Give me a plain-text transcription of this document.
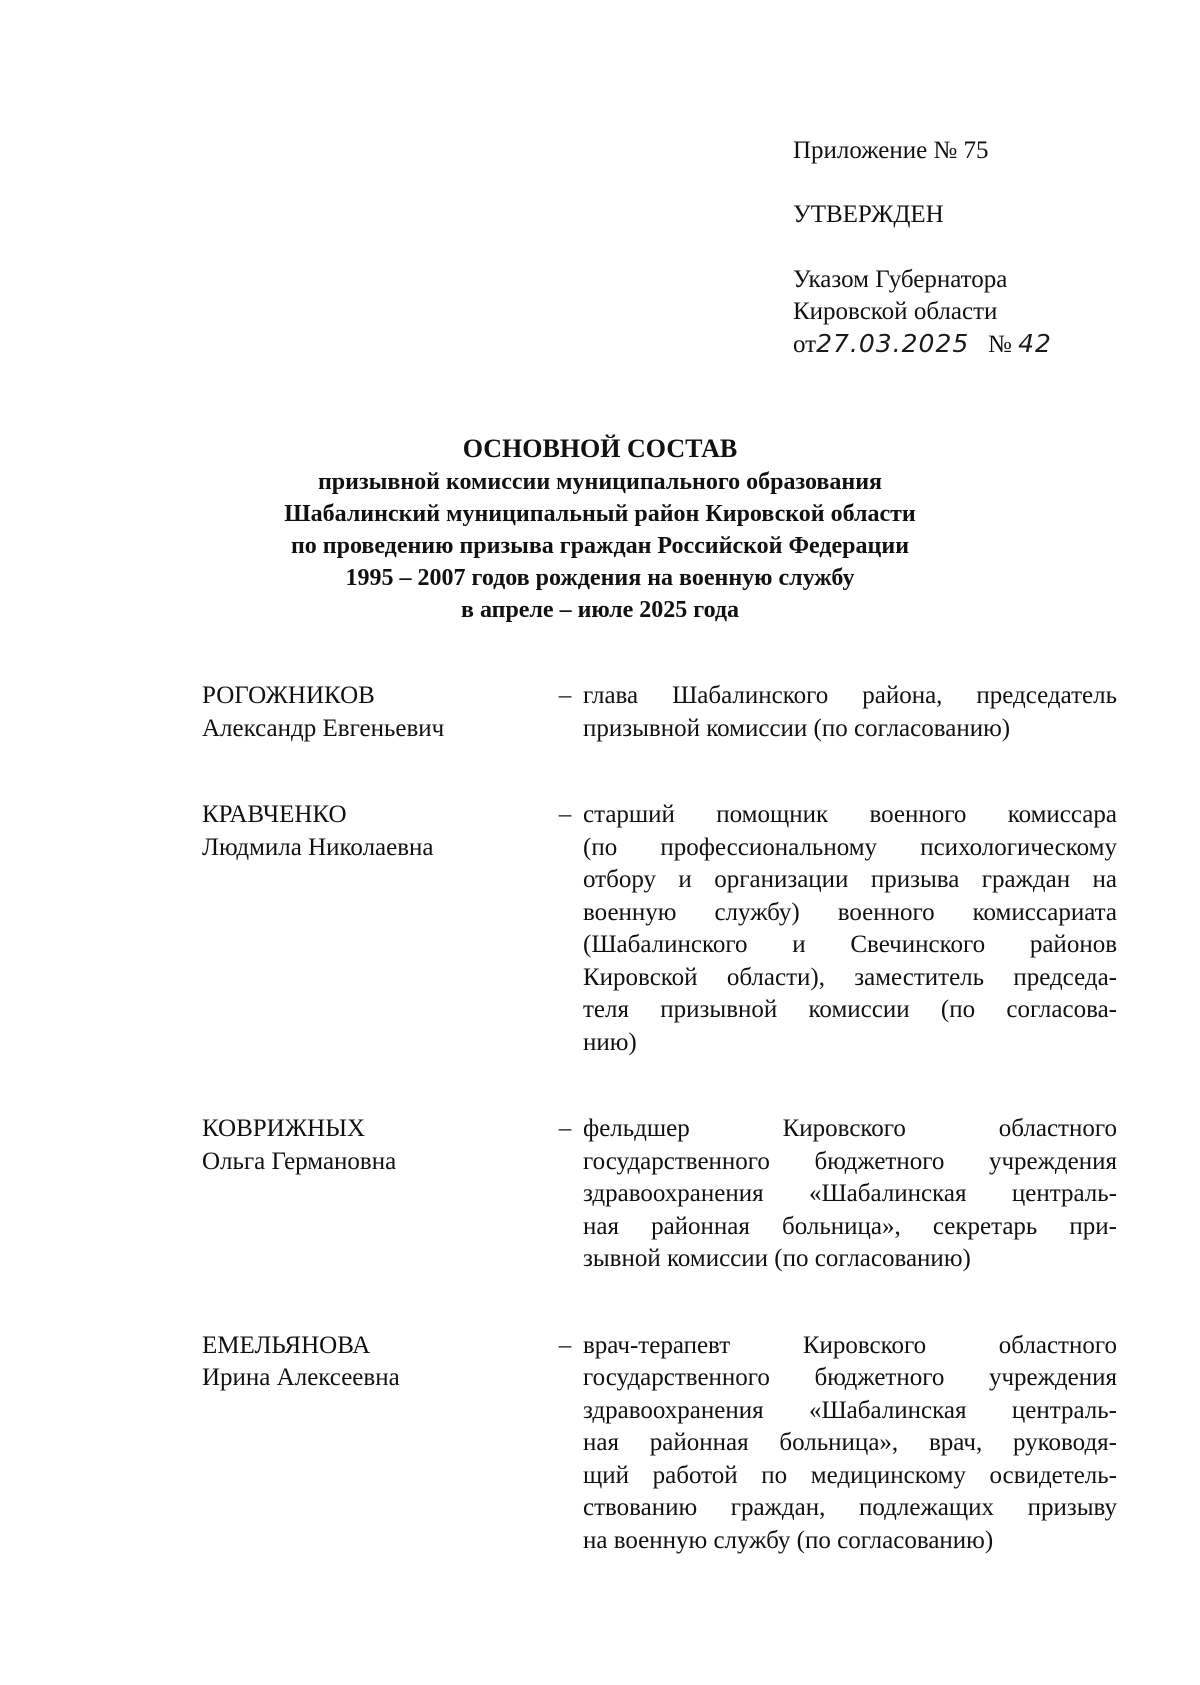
Приложение № 75
УТВЕРЖДЕН
Указом Губернатора
Кировской области
от27.03.2025 № 42
ОСНОВНОЙ СОСТАВ
призывной комиссии муниципального образования
Шабалинский муниципальный район Кировской области
по проведению призыва граждан Российской Федерации
1995 – 2007 годов рождения на военную службу
в апреле – июле 2025 года
РОГОЖНИКОВ
Александр Евгеньевич
– глава Шабалинского района, председатель
призывной комиссии (по согласованию)
КРАВЧЕНКО
Людмила Николаевна
– старший помощник военного комиссара
(по профессиональному психологическому
отбору и организации призыва граждан на
военную службу) военного комиссариата
(Шабалинского и Свечинского районов
Кировской области), заместитель председа-
теля призывной комиссии (по согласова-
нию)
КОВРИЖНЫХ
Ольга Германовна
– фельдшер Кировского областного
государственного бюджетного учреждения
здравоохранения «Шабалинская централь-
ная районная больница», секретарь при-
зывной комиссии (по согласованию)
ЕМЕЛЬЯНОВА
Ирина Алексеевна
– врач-терапевт Кировского областного
государственного бюджетного учреждения
здравоохранения «Шабалинская централь-
ная районная больница», врач, руководя-
щий работой по медицинскому освидетель-
ствованию граждан, подлежащих призыву
на военную службу (по согласованию)
